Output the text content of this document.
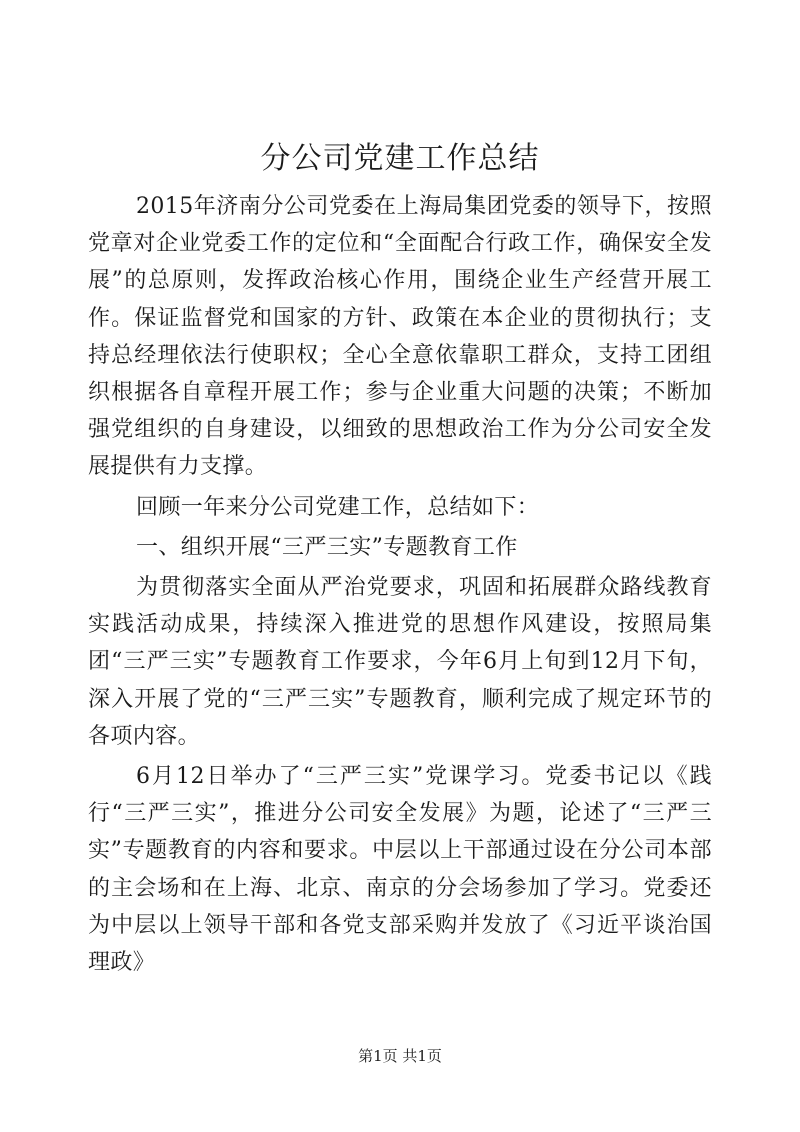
分公司党建工作总结

2015年济南分公司党委在上海局集团党委的领导下，按照党章对企业党委工作的定位和“全面配合行政工作，确保安全发展”的总原则，发挥政治核心作用，围绕企业生产经营开展工作。保证监督党和国家的方针、政策在本企业的贯彻执行；支持总经理依法行使职权；全心全意依靠职工群众，支持工团组织根据各自章程开展工作；参与企业重大问题的决策；不断加强党组织的自身建设，以细致的思想政治工作为分公司安全发展提供有力支撑。

回顾一年来分公司党建工作，总结如下：

一、组织开展“三严三实”专题教育工作

为贯彻落实全面从严治党要求，巩固和拓展群众路线教育实践活动成果，持续深入推进党的思想作风建设，按照局集团“三严三实”专题教育工作要求，今年6月上旬到12月下旬，深入开展了党的“三严三实”专题教育，顺利完成了规定环节的各项内容。

6月12日举办了“三严三实”党课学习。党委书记以《践行“三严三实”，推进分公司安全发展》为题，论述了“三严三实”专题教育的内容和要求。中层以上干部通过设在分公司本部的主会场和在上海、北京、南京的分会场参加了学习。党委还为中层以上领导干部和各党支部采购并发放了《习近平谈治国理政》

第1页 共1页
